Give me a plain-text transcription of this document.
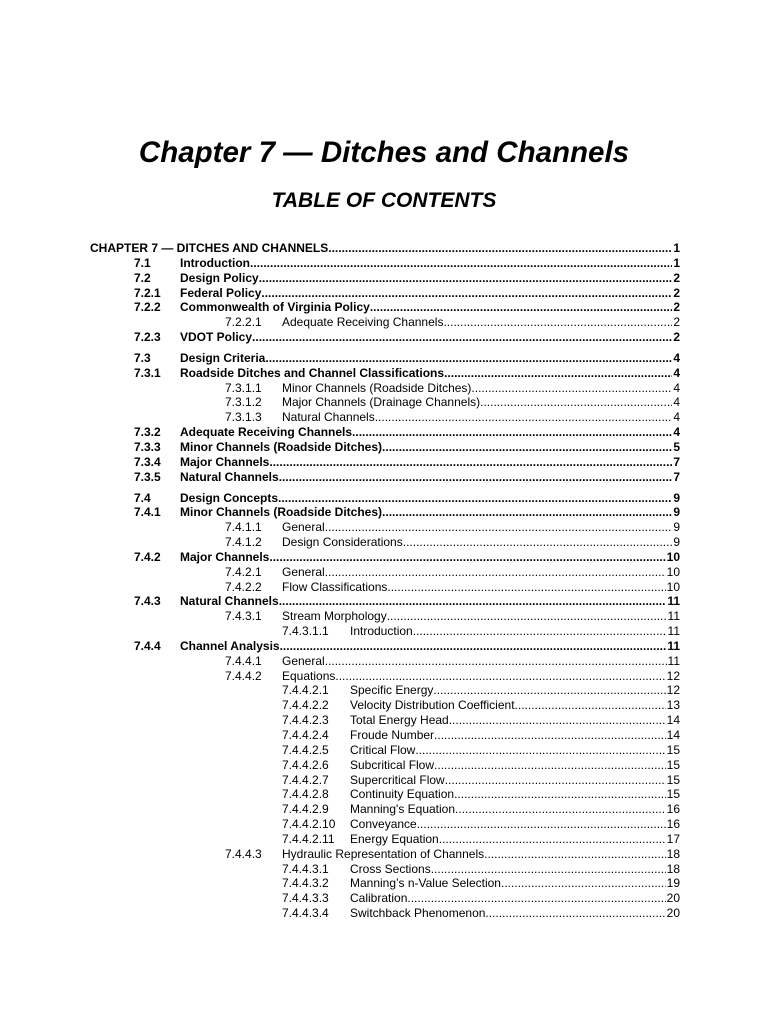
Chapter 7 — Ditches and Channels
TABLE OF CONTENTS
CHAPTER 7 — DITCHES AND CHANNELS .....	1
7.1 Introduction .....	1
7.2 Design Policy .....	2
7.2.1 Federal Policy .....	2
7.2.2 Commonwealth of Virginia Policy .....	2
7.2.2.1 Adequate Receiving Channels .....	2
7.2.3 VDOT Policy .....	2
7.3 Design Criteria .....	4
7.3.1 Roadside Ditches and Channel Classifications .....	4
7.3.1.1 Minor Channels (Roadside Ditches) .....	4
7.3.1.2 Major Channels (Drainage Channels) .....	4
7.3.1.3 Natural Channels .....	4
7.3.2 Adequate Receiving Channels .....	4
7.3.3 Minor Channels (Roadside Ditches) .....	5
7.3.4 Major Channels .....	7
7.3.5 Natural Channels .....	7
7.4 Design Concepts .....	9
7.4.1 Minor Channels (Roadside Ditches) .....	9
7.4.1.1 General .....	9
7.4.1.2 Design Considerations .....	9
7.4.2 Major Channels .....	10
7.4.2.1 General .....	10
7.4.2.2 Flow Classifications .....	10
7.4.3 Natural Channels .....	11
7.4.3.1 Stream Morphology .....	11
7.4.3.1.1 Introduction .....	11
7.4.4 Channel Analysis .....	11
7.4.4.1 General .....	11
7.4.4.2 Equations .....	12
7.4.4.2.1 Specific Energy .....	12
7.4.4.2.2 Velocity Distribution Coefficient .....	13
7.4.4.2.3 Total Energy Head .....	14
7.4.4.2.4 Froude Number .....	14
7.4.4.2.5 Critical Flow .....	15
7.4.4.2.6 Subcritical Flow .....	15
7.4.4.2.7 Supercritical Flow .....	15
7.4.4.2.8 Continuity Equation .....	15
7.4.4.2.9 Manning's Equation .....	16
7.4.4.2.10 Conveyance .....	16
7.4.4.2.11 Energy Equation .....	17
7.4.4.3 Hydraulic Representation of Channels .....	18
7.4.4.3.1 Cross Sections .....	18
7.4.4.3.2 Manning’s n-Value Selection .....	19
7.4.4.3.3 Calibration .....	20
7.4.4.3.4 Switchback Phenomenon .....	20
